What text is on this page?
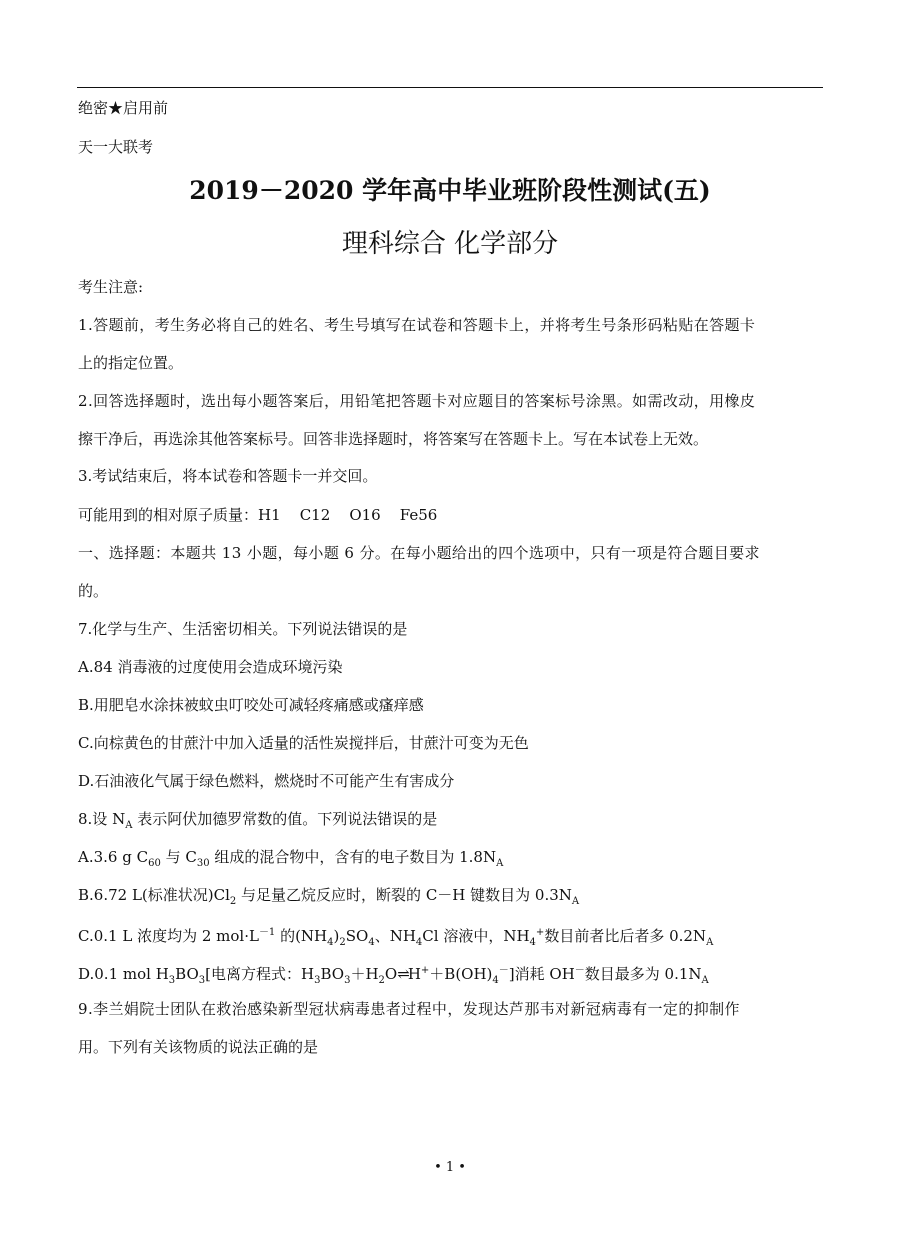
绝密★启用前
天一大联考
2019－2020 学年高中毕业班阶段性测试(五)
理科综合 化学部分
考生注意:
1.答题前，考生务必将自己的姓名、考生号填写在试卷和答题卡上，并将考生号条形码粘贴在答题卡
上的指定位置。
2.回答选择题时，选出每小题答案后，用铅笔把答题卡对应题目的答案标号涂黑。如需改动，用橡皮
擦干净后，再选涂其他答案标号。回答非选择题时，将答案写在答题卡上。写在本试卷上无效。
3.考试结束后，将本试卷和答题卡一并交回。
可能用到的相对原子质量：H1    C12    O16    Fe56
一、选择题：本题共 13 小题，每小题 6 分。在每小题给出的四个选项中，只有一项是符合题目要求
的。
7.化学与生产、生活密切相关。下列说法错误的是
A.84 消毒液的过度使用会造成环境污染
B.用肥皂水涂抹被蚊虫叮咬处可减轻疼痛感或瘙痒感
C.向棕黄色的甘蔗汁中加入适量的活性炭搅拌后，甘蔗汁可变为无色
D.石油液化气属于绿色燃料，燃烧时不可能产生有害成分
8.设 $N_A$ 表示阿伏加德罗常数的值。下列说法错误的是
A.3.6 g $C_{60}$ 与 $C_{30}$ 组成的混合物中，含有的电子数目为 $1.8N_A$
B.6.72 L(标准状况)$Cl_2$ 与足量乙烷反应时，断裂的 C－H 键数目为 $0.3N_A$
C.0.1 L 浓度均为 2 $mol\cdot L^{-1}$ 的$(NH_4)_2SO_4$、$NH_4Cl$ 溶液中，$NH_4^+$数目前者比后者多 $0.2N_A$
D.0.1 mol $H_3BO_3$[电离方程式：$H_3BO_3+H_2O\rightleftharpoons H^++B(OH)_4^-$]消耗 OH－数目最多为 $0.1N_A$
9.李兰娟院士团队在救治感染新型冠状病毒患者过程中，发现达芦那韦对新冠病毒有一定的抑制作
用。下列有关该物质的说法正确的是
• 1 •
